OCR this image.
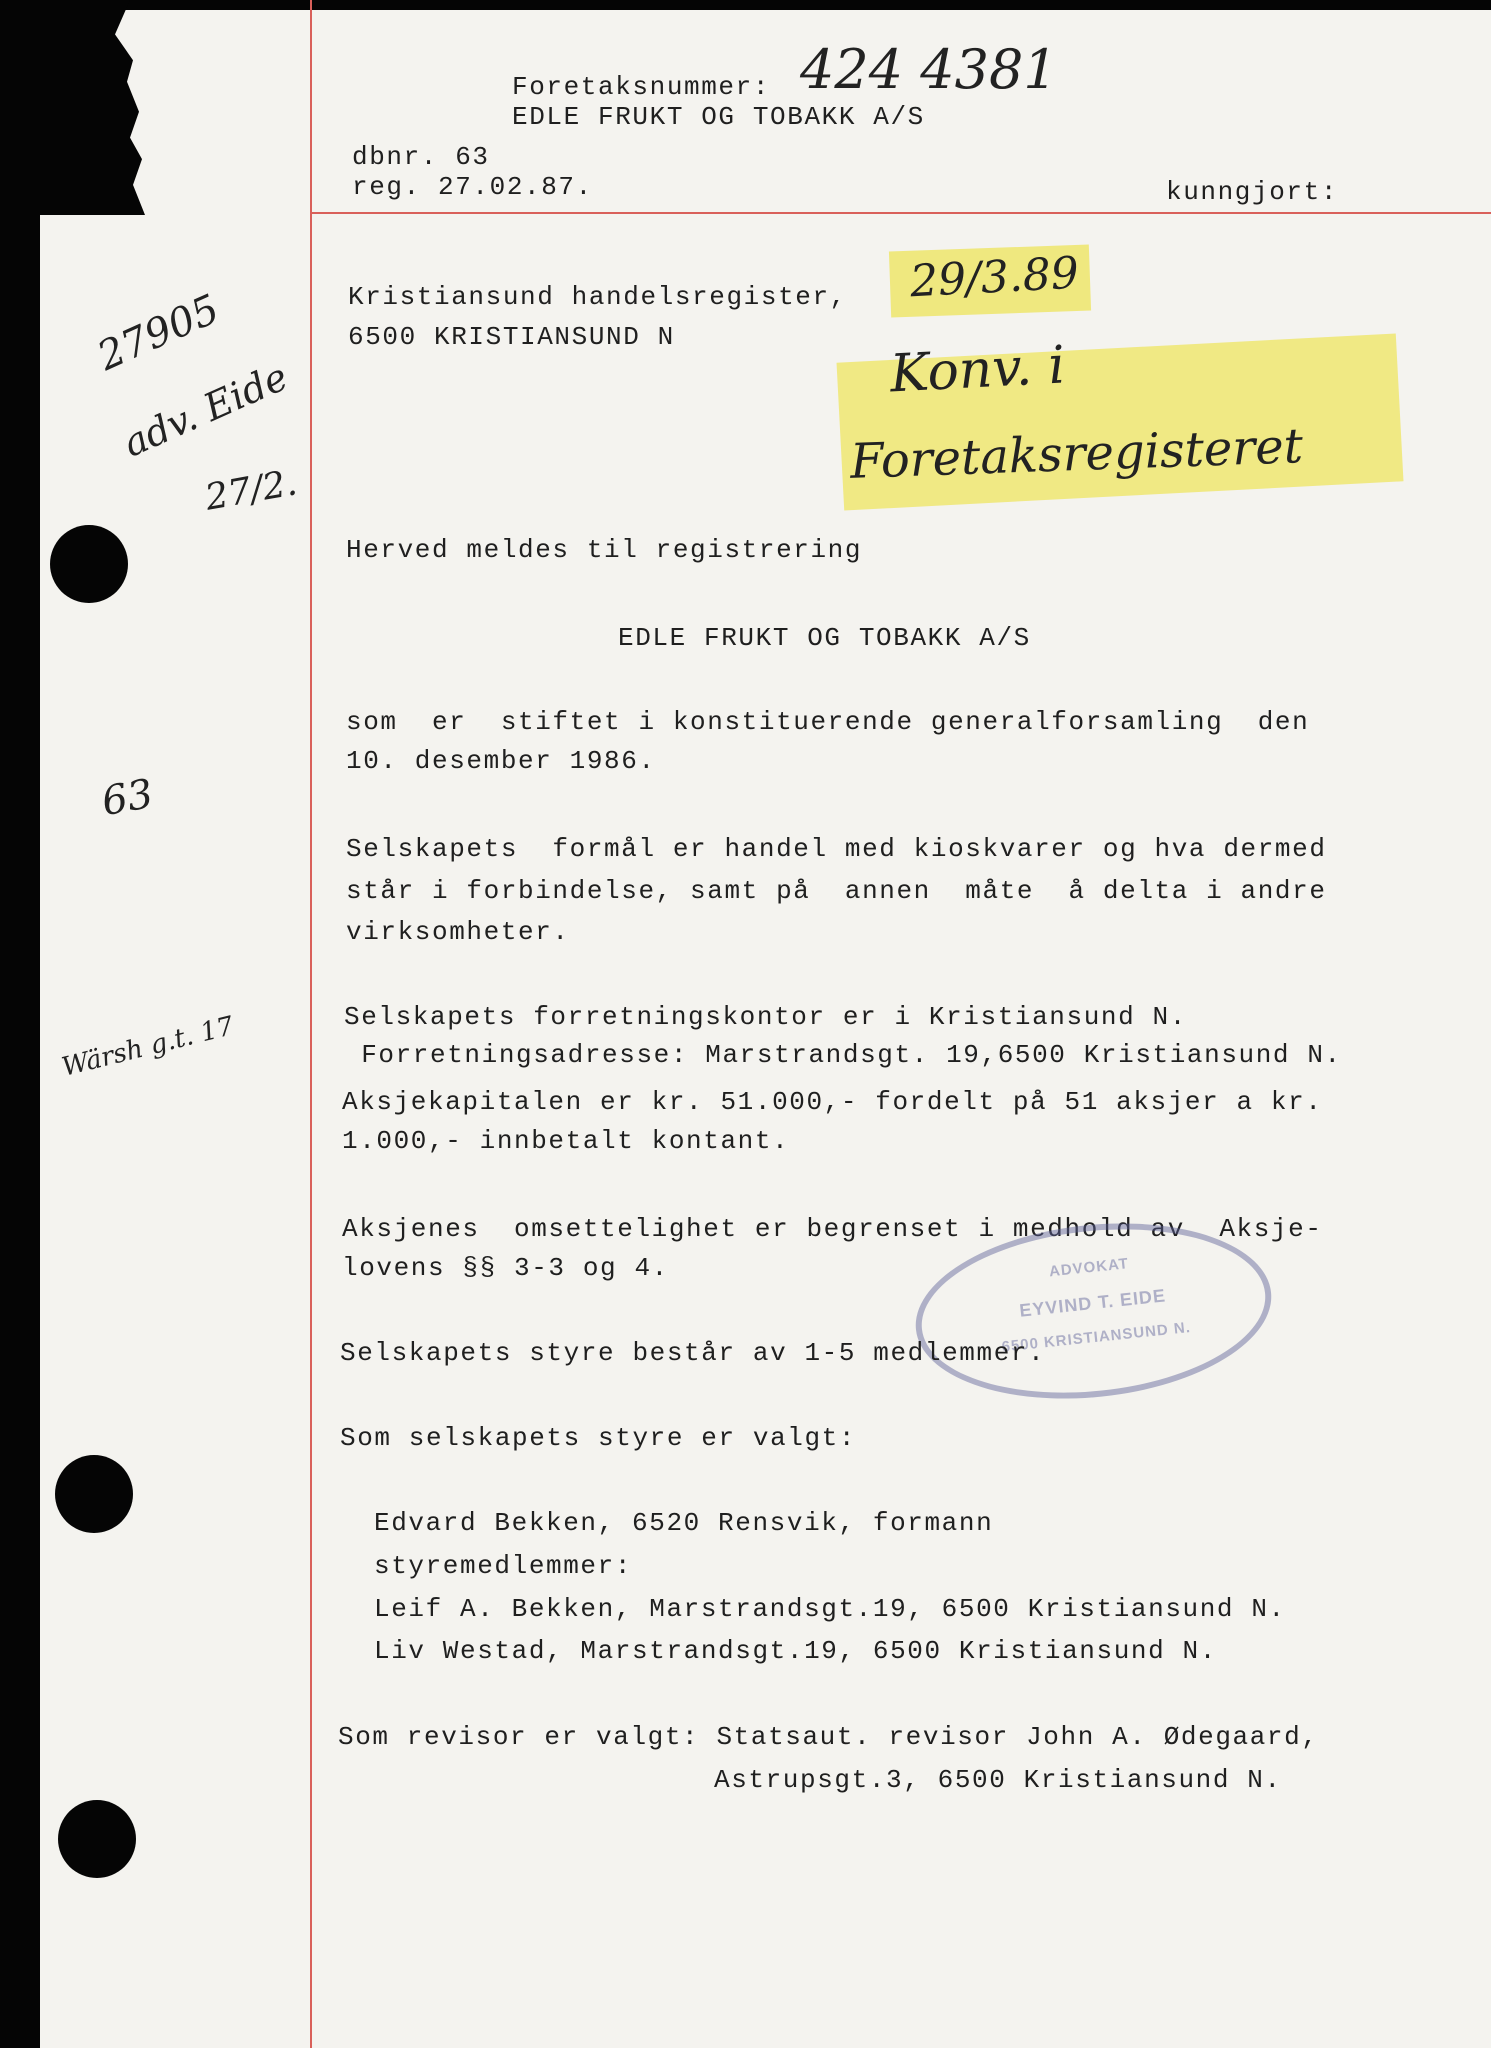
Foretaksnummer: 424 4381
EDLE FRUKT OG TOBAKK A/S
dbnr. 63
reg. 27.02.87.	kunngjort:
29/3.89
Konv. i
Foretaksregisteret
27905
adv. Eide
27/2.
63
Wärsh g.t. 17
Kristiansund handelsregister,
6500 KRISTIANSUND N
Herved meldes til registrering
EDLE FRUKT OG TOBAKK A/S
som  er  stiftet i konstituerende generalforsamling  den
10. desember 1986.
Selskapets  formål er handel med kioskvarer og hva dermed
står i forbindelse, samt på  annen  måte  å delta i andre
virksomheter.
Selskapets forretningskontor er i Kristiansund N.
Forretningsadresse: Marstrandsgt. 19,6500 Kristiansund N.
Aksjekapitalen er kr. 51.000,- fordelt på 51 aksjer a kr.
1.000,- innbetalt kontant.
Aksjenes  omsettelighet er begrenset i medhold av  Aksje-
lovens §§ 3-3 og 4.	ADVOKAT
EYVIND T. EIDE
6500 KRISTIANSUND N.
Selskapets styre består av 1-5 medlemmer.
Som selskapets styre er valgt:
Edvard Bekken, 6520 Rensvik, formann
styremedlemmer:
Leif A. Bekken, Marstrandsgt.19, 6500 Kristiansund N.
Liv Westad, Marstrandsgt.19, 6500 Kristiansund N.
Som revisor er valgt: Statsaut. revisor John A. Ødegaard,
Astrupsgt.3, 6500 Kristiansund N.
